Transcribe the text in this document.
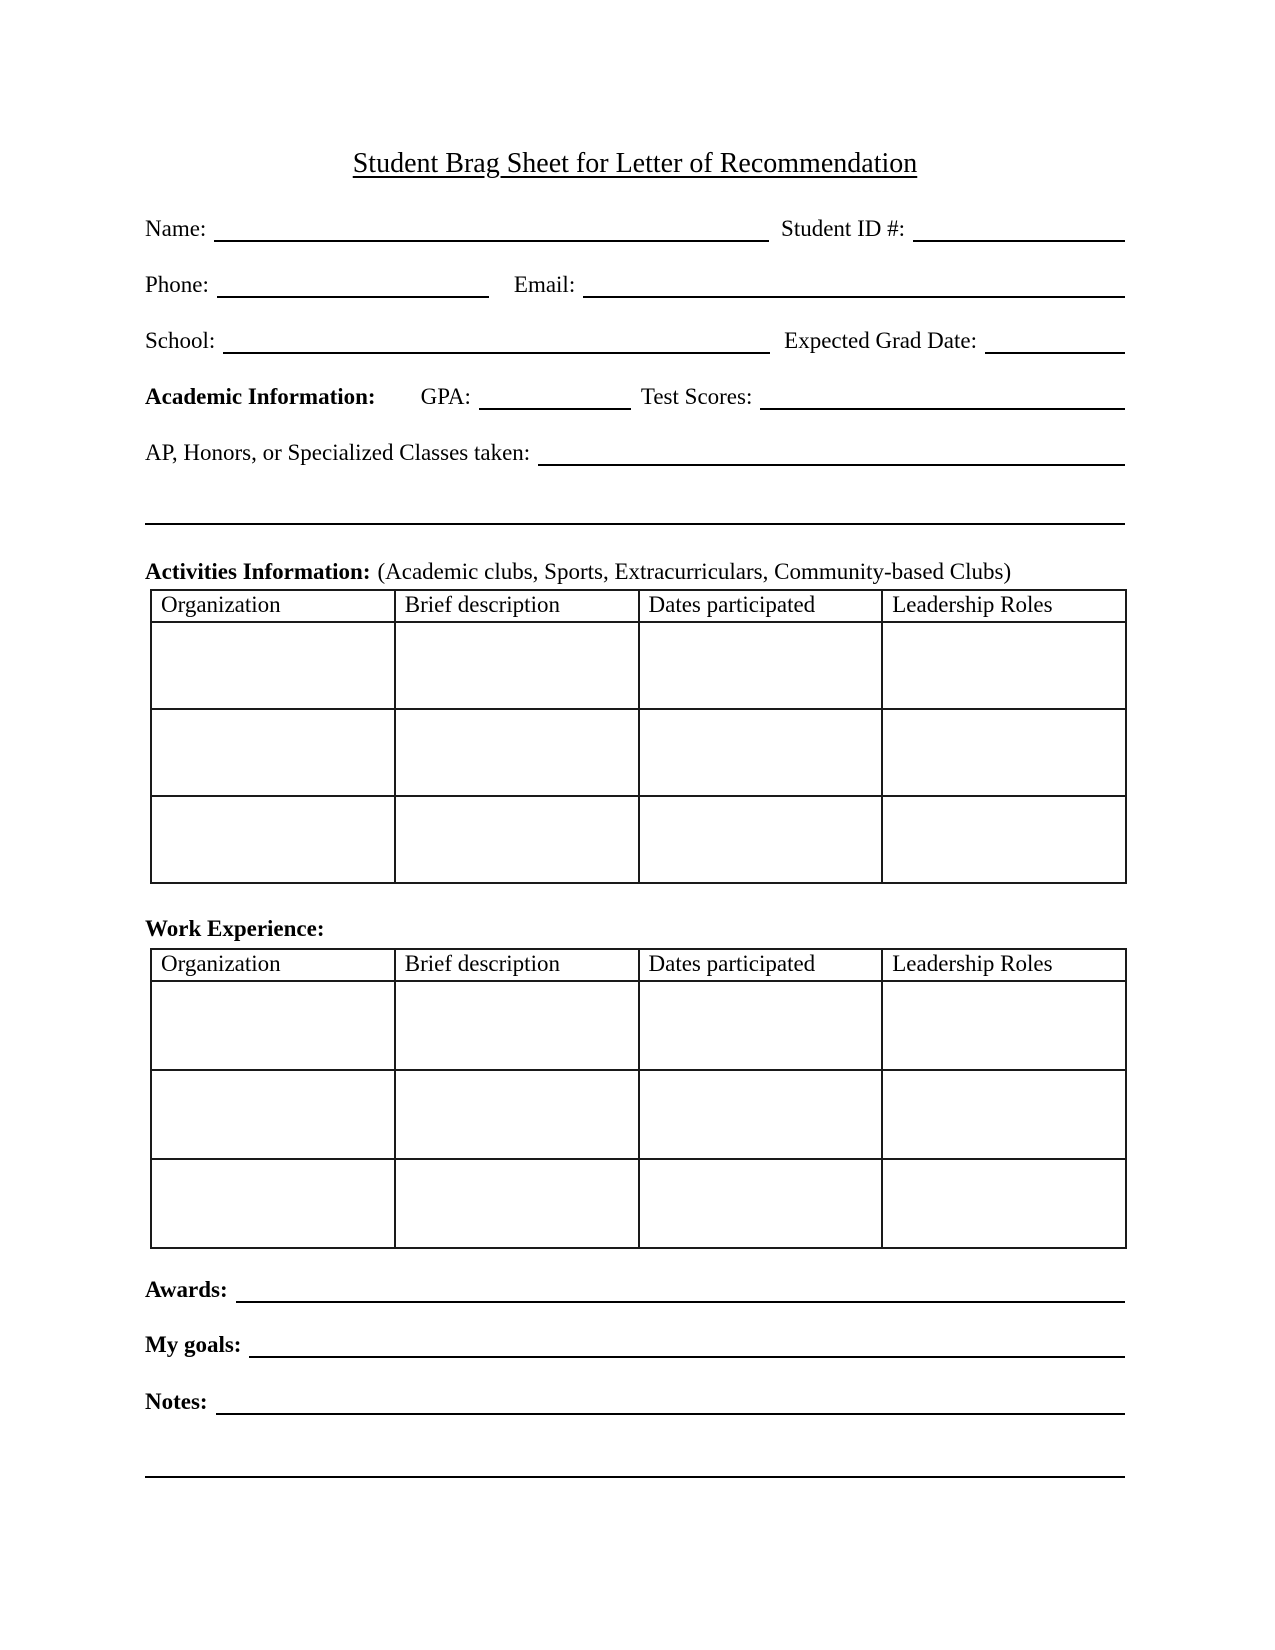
Student Brag Sheet for Letter of Recommendation
Name:	Student ID #:
Phone:	Email:
School:	Expected Grad Date:
Academic Information: GPA:	Test Scores:
AP, Honors, or Specialized Classes taken:
Activities Information: (Academic clubs, Sports, Extracurriculars, Community-based Clubs)
Organization	Brief description	Dates participated	Leadership Roles

Work Experience:
Organization	Brief description	Dates participated	Leadership Roles

Awards:
My goals:
Notes:
